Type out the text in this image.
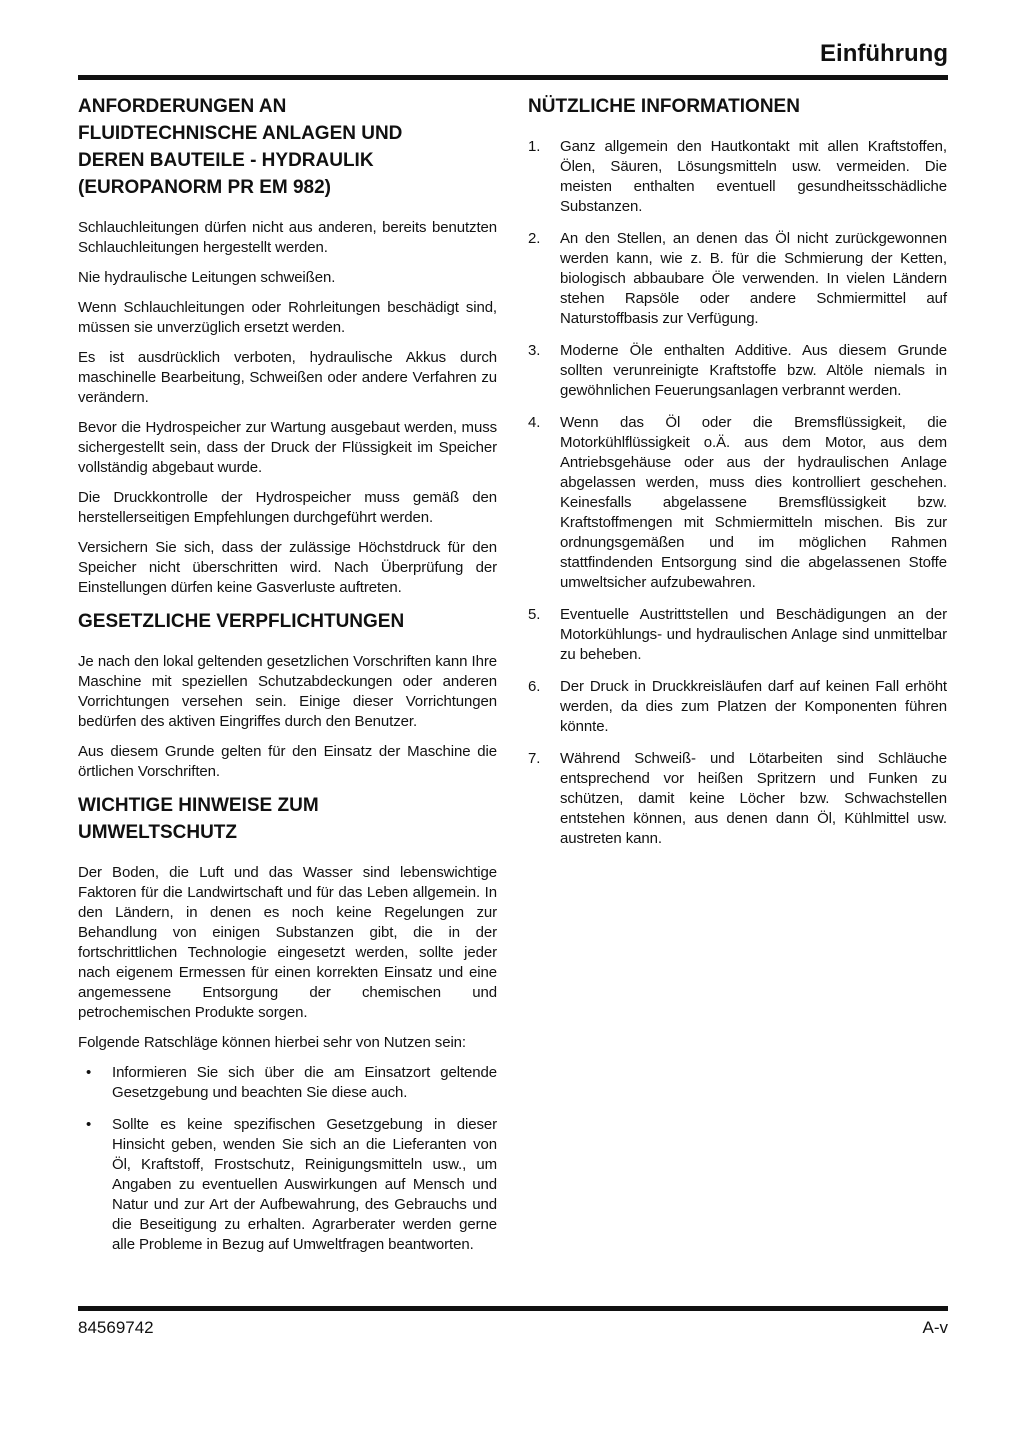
Einführung
ANFORDERUNGEN AN
FLUIDTECHNISCHE ANLAGEN UND
DEREN BAUTEILE - HYDRAULIK
(EUROPANORM PR EM 982)

Schlauchleitungen dürfen nicht aus anderen, bereits benutzten Schlauchleitungen hergestellt werden.

Nie hydraulische Leitungen schweißen.

Wenn Schlauchleitungen oder Rohrleitungen beschädigt sind, müssen sie unverzüglich ersetzt werden.

Es ist ausdrücklich verboten, hydraulische Akkus durch maschinelle Bearbeitung, Schweißen oder andere Verfahren zu verändern.

Bevor die Hydrospeicher zur Wartung ausgebaut werden, muss sichergestellt sein, dass der Druck der Flüssigkeit im Speicher vollständig abgebaut wurde.

Die Druckkontrolle der Hydrospeicher muss gemäß den herstellerseitigen Empfehlungen durchgeführt werden.

Versichern Sie sich, dass der zulässige Höchstdruck für den Speicher nicht überschritten wird. Nach Überprüfung der Einstellungen dürfen keine Gasverluste auftreten.

GESETZLICHE VERPFLICHTUNGEN

Je nach den lokal geltenden gesetzlichen Vorschriften kann Ihre Maschine mit speziellen Schutzabdeckungen oder anderen Vorrichtungen versehen sein. Einige dieser Vorrichtungen bedürfen des aktiven Eingriffes durch den Benutzer.

Aus diesem Grunde gelten für den Einsatz der Maschine die örtlichen Vorschriften.

WICHTIGE HINWEISE ZUM
UMWELTSCHUTZ

Der Boden, die Luft und das Wasser sind lebenswichtige Faktoren für die Landwirtschaft und für das Leben allgemein. In den Ländern, in denen es noch keine Regelungen zur Behandlung von einigen Substanzen gibt, die in der fortschrittlichen Technologie eingesetzt werden, sollte jeder nach eigenem Ermessen für einen korrekten Einsatz und eine angemessene Entsorgung der chemischen und petrochemischen Produkte sorgen.

Folgende Ratschläge können hierbei sehr von Nutzen sein:

•	Informieren Sie sich über die am Einsatzort geltende Gesetzgebung und beachten Sie diese auch.
•	Sollte es keine spezifischen Gesetzgebung in dieser Hinsicht geben, wenden Sie sich an die Lieferanten von Öl, Kraftstoff, Frostschutz, Reinigungsmitteln usw., um Angaben zu eventuellen Auswirkungen auf Mensch und Natur und zur Art der Aufbewahrung, des Gebrauchs und die Beseitigung zu erhalten. Agrarberater werden gerne alle Probleme in Bezug auf Umweltfragen beantworten.
NÜTZLICHE INFORMATIONEN
1.	Ganz allgemein den Hautkontakt mit allen Kraftstoffen, Ölen, Säuren, Lösungsmitteln usw. vermeiden. Die meisten enthalten eventuell gesundheitsschädliche Substanzen.
2.	An den Stellen, an denen das Öl nicht zurückgewonnen werden kann, wie z. B. für die Schmierung der Ketten, biologisch abbaubare Öle verwenden. In vielen Ländern stehen Rapsöle oder andere Schmiermittel auf Naturstoffbasis zur Verfügung.
3.	Moderne Öle enthalten Additive. Aus diesem Grunde sollten verunreinigte Kraftstoffe bzw. Altöle niemals in gewöhnlichen Feuerungsanlagen verbrannt werden.
4.	Wenn das Öl oder die Bremsflüssigkeit, die Motorkühlflüssigkeit o.Ä. aus dem Motor, aus dem Antriebsgehäuse oder aus der hydraulischen Anlage abgelassen werden, muss dies kontrolliert geschehen. Keinesfalls abgelassene Bremsflüssigkeit bzw. Kraftstoffmengen mit Schmiermitteln mischen. Bis zur ordnungsgemäßen und im möglichen Rahmen stattfindenden Entsorgung sind die abgelassenen Stoffe umweltsicher aufzubewahren.
5.	Eventuelle Austrittstellen und Beschädigungen an der Motorkühlungs- und hydraulischen Anlage sind unmittelbar zu beheben.
6.	Der Druck in Druckkreisläufen darf auf keinen Fall erhöht werden, da dies zum Platzen der Komponenten führen könnte.
7.	Während Schweiß- und Lötarbeiten sind Schläuche entsprechend vor heißen Spritzern und Funken zu schützen, damit keine Löcher bzw. Schwachstellen entstehen können, aus denen dann Öl, Kühlmittel usw. austreten kann.
84569742	A-v
